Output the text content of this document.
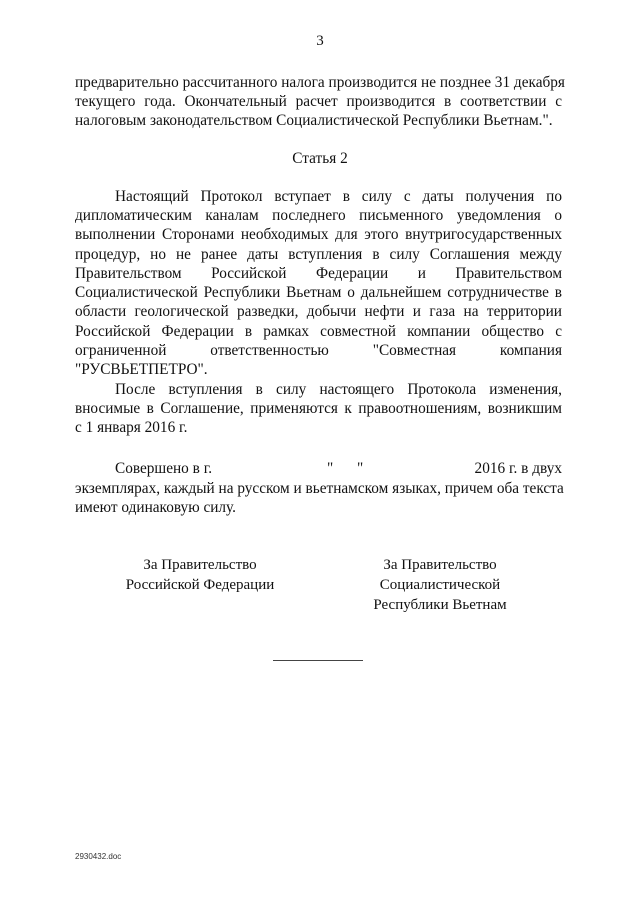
3
предварительно рассчитанного налога производится не позднее 31 декабря
текущего года. Окончательный расчет производится в соответствии с
налоговым законодательством Социалистической Республики Вьетнам.".
Статья 2
Настоящий Протокол вступает в силу с даты получения по
дипломатическим каналам последнего письменного уведомления о
выполнении Сторонами необходимых для этого внутригосударственных
процедур, но не ранее даты вступления в силу Соглашения между
Правительством Российской Федерации и Правительством
Социалистической Республики Вьетнам о дальнейшем сотрудничестве в
области геологической разведки, добычи нефти и газа на территории
Российской Федерации в рамках совместной компании общество с
ограниченной ответственностью "Совместная компания
"РУСВЬЕТПЕТРО".
После вступления в силу настоящего Протокола изменения,
вносимые в Соглашение, применяются к правоотношениям, возникшим
с 1 января 2016 г.
Совершено в г.	" "	2016 г. в двух
экземплярах, каждый на русском и вьетнамском языках, причем оба текста
имеют одинаковую силу.
За Правительство
Российской Федерации
За Правительство
Социалистической
Республики Вьетнам
2930432.doc
